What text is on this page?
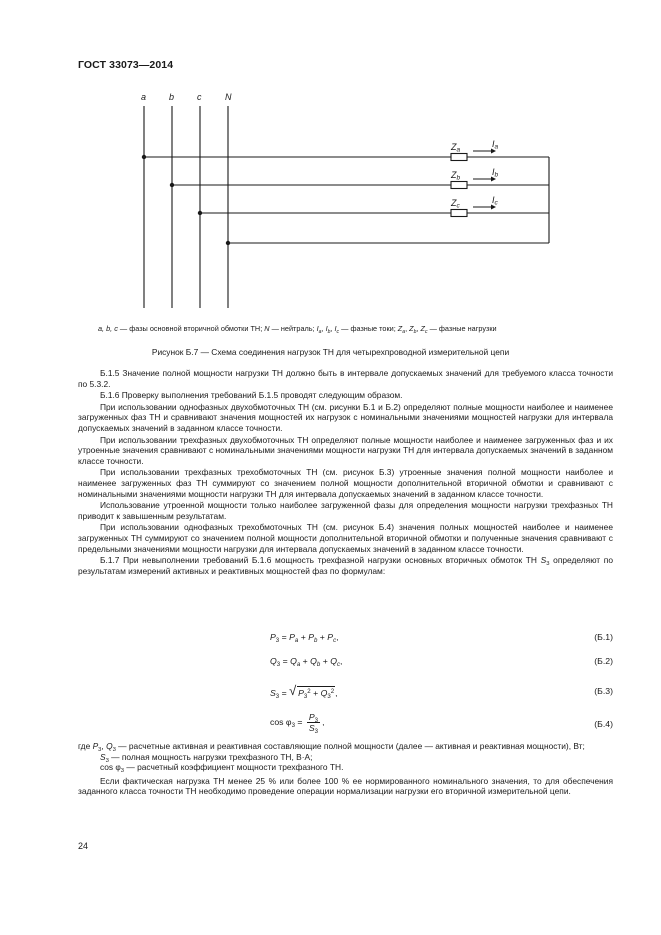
ГОСТ 33073—2014
a	b	c	N
Za
Ia
Zb
Ib
Zc
Ic
a, b, c — фазы основной вторичной обмотки ТН; N — нейтраль; $I_a$, $I_b$, $I_c$ — фазные токи; $Z_a$, $Z_b$, $Z_c$ — фазные нагрузки
Рисунок Б.7 — Схема соединения нагрузок ТН для четырехпроводной измерительной цепи

Б.1.5 Значение полной мощности нагрузки ТН должно быть в интервале допускаемых значений для требуемого класса точности по 5.3.2.

Б.1.6 Проверку выполнения требований Б.1.5 проводят следующим образом.

При использовании однофазных двухобмоточных ТН (см. рисунки Б.1 и Б.2) определяют полные мощности наиболее и наименее загруженных фаз ТН и сравнивают значения мощностей их нагрузок с номинальными значениями мощностей нагрузки для интервала допускаемых значений в заданном классе точности.

При использовании трехфазных двухобмоточных ТН определяют полные мощности наиболее и наименее загруженных фаз и их утроенные значения сравнивают с номинальными значениями мощности нагрузки ТН для интервала допускаемых значений в заданном классе точности.

При использовании трехфазных трехобмоточных ТН (см. рисунок Б.3) утроенные значения полной мощности наиболее и наименее загруженных фаз ТН суммируют со значением полной мощности дополнительной вторичной обмотки и сравнивают с номинальными значениями мощности нагрузки ТН для интервала допускаемых значений в заданном классе точности.

Использование утроенной мощности только наиболее загруженной фазы для определения мощности нагрузки трехфазных ТН приводит к завышенным результатам.

При использовании однофазных трехобмоточных ТН (см. рисунок Б.4) значения полных мощностей наиболее и наименее загруженных ТН суммируют со значением полной мощности дополнительной вторичной обмотки и полученные значения сравнивают с предельными значениями мощности нагрузки для интервала допускаемых значений в заданном классе точности.

Б.1.7 При невыполнении требований Б.1.6 мощность трехфазной нагрузки основных вторичных обмоток ТН $S_3$ определяют по результатам измерений активных и реактивных мощностей фаз по формулам:

$P_3 = P_a + P_b + P_c$,	(Б.1)
$Q_3 = Q_a + Q_b + Q_c$,	(Б.2)
$S_3$ = √ $P_3^2 + Q_3^2$,	(Б.3)
$\cos \varphi_3 = \frac{P_3}{S_3}$ ,	(Б.4)
где $P_3$, $Q_3$ — расчетные активная и реактивная составляющие полной мощности (далее — активная и реактивная мощности), Вт;
$S_3$ — полная мощность нагрузки трехфазного ТН, В·А;
$\cos \varphi_3$ — расчетный коэффициент мощности трехфазного ТН.

Если фактическая нагрузка ТН менее 25 % или более 100 % ее нормированного номинального значения, то для обеспечения заданного класса точности ТН необходимо проведение операции нормализации нагрузки его вторичной измерительной цепи.

24
